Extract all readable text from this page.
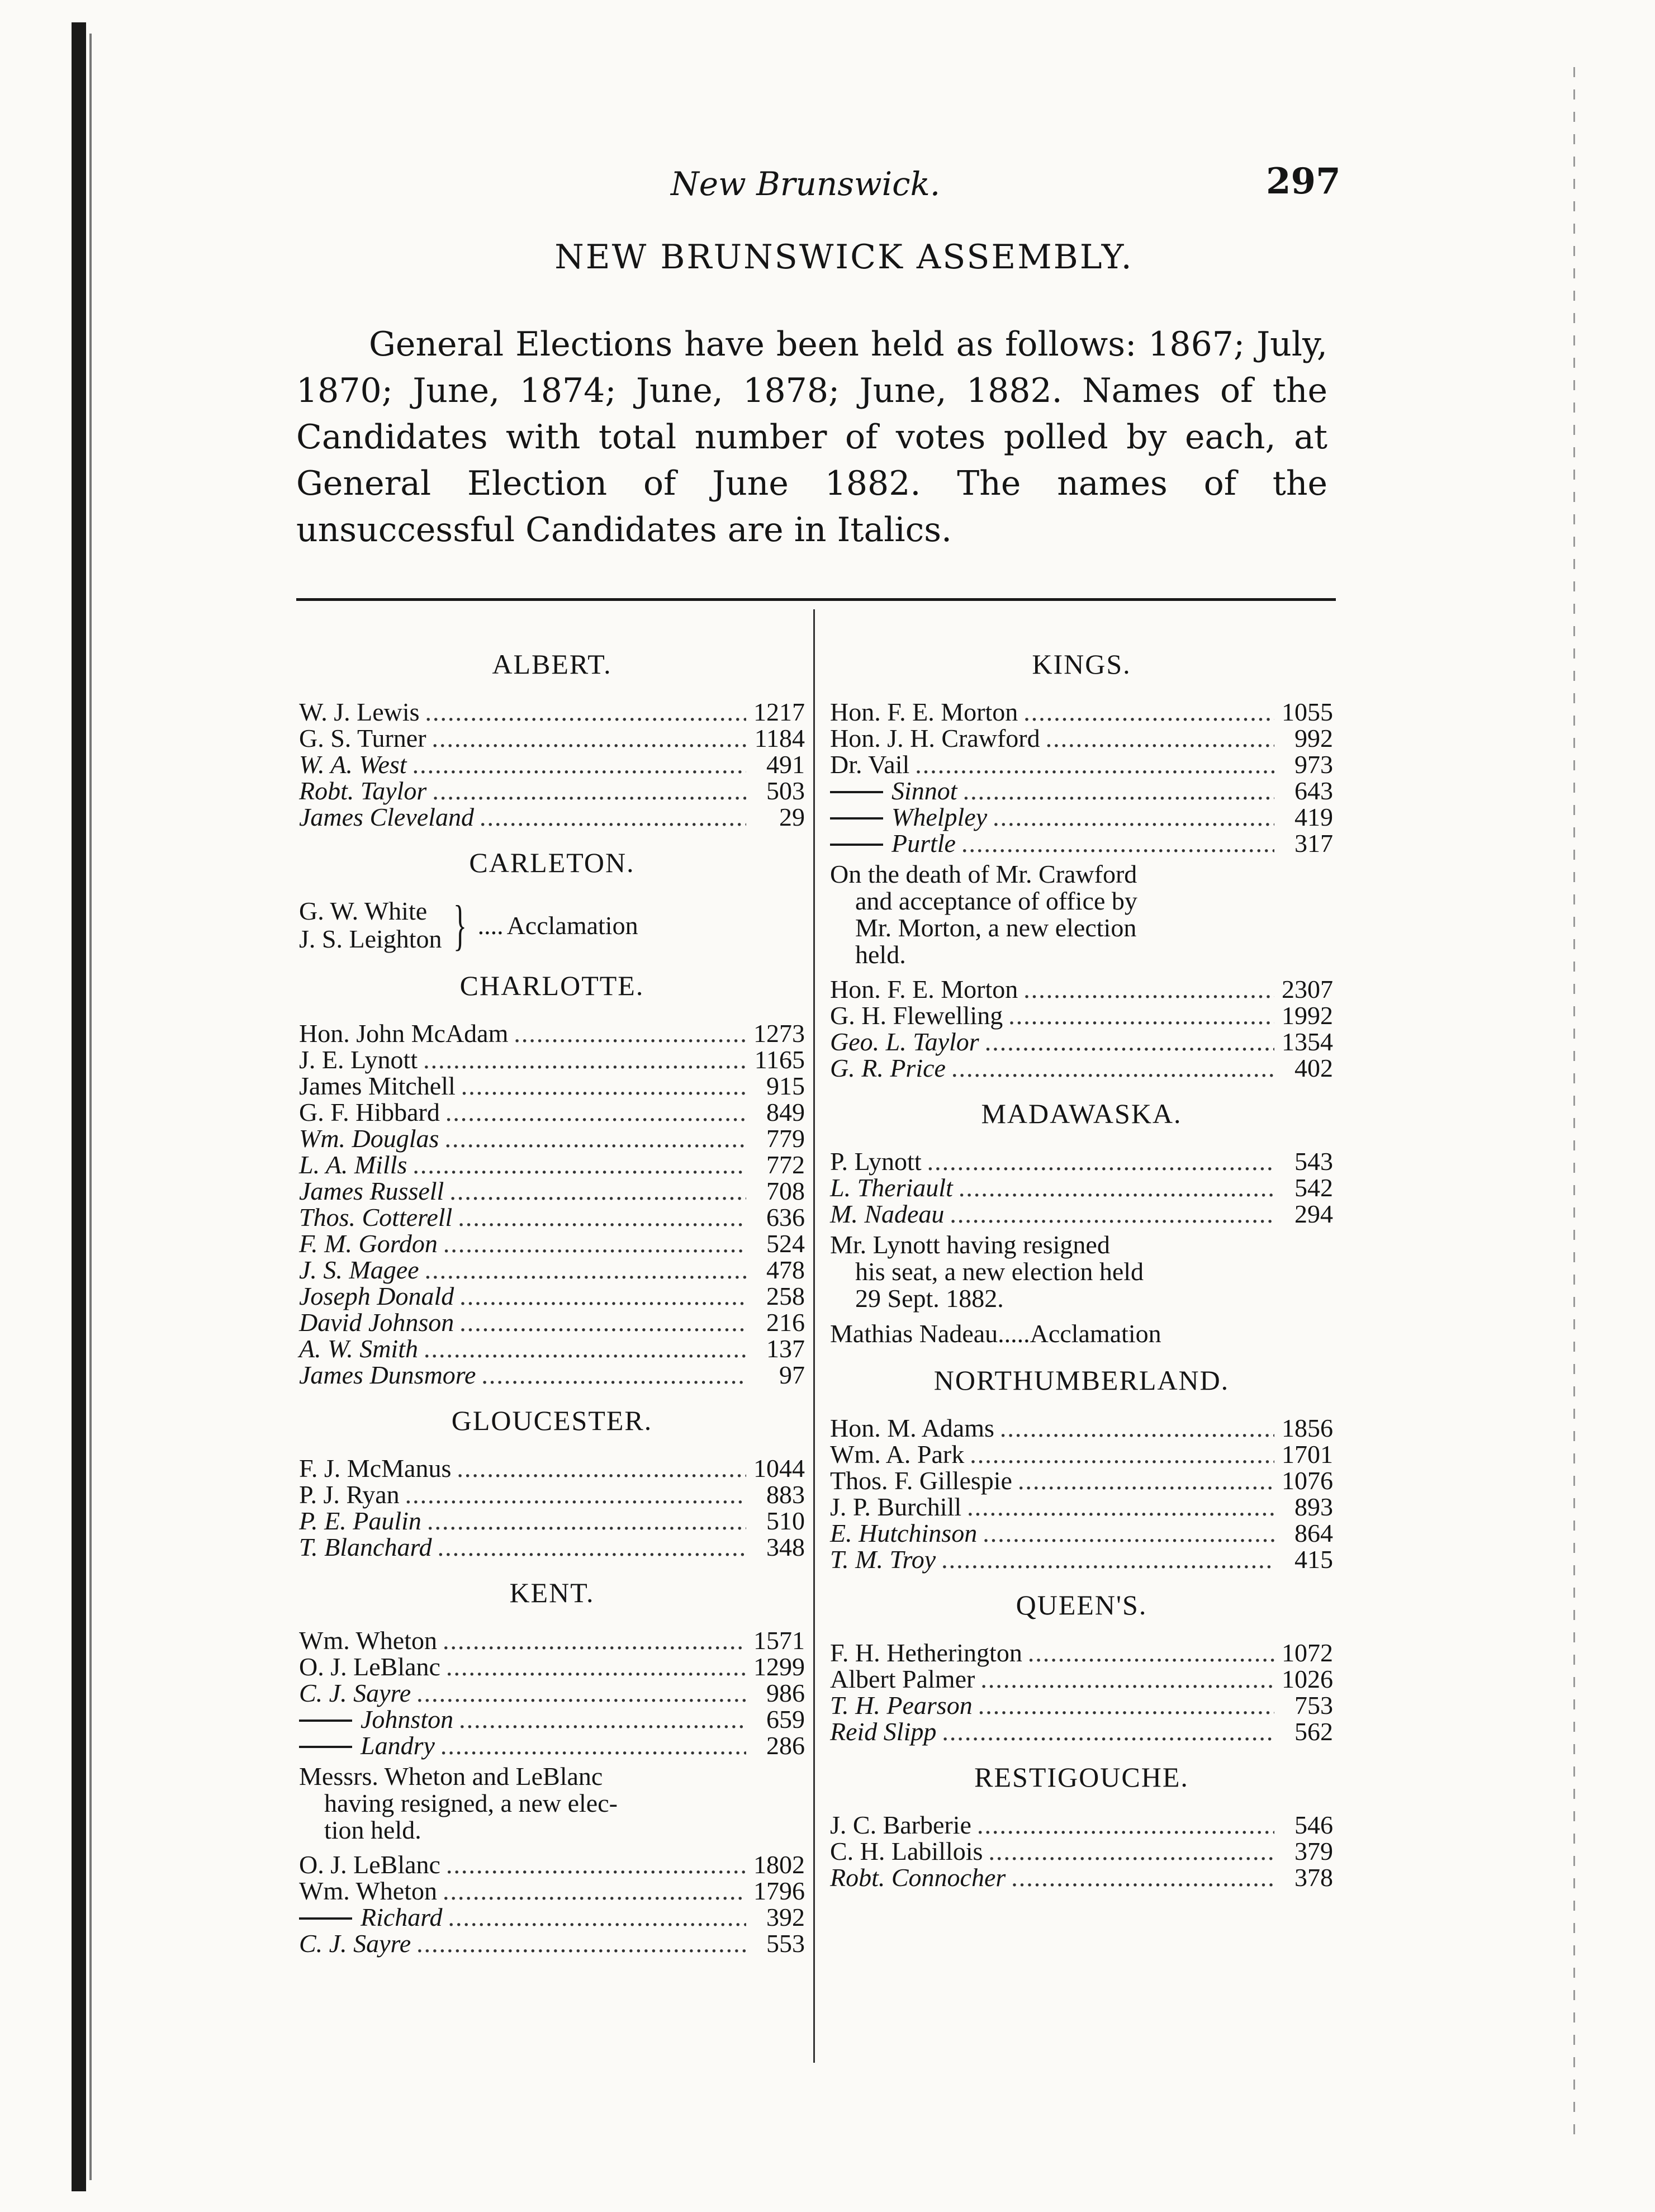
New Brunswick.	297
NEW BRUNSWICK ASSEMBLY.

General Elections have been held as follows: 1867; July, 1870; June, 1874; June, 1878; June, 1882. Names of the Candidates with total number of votes polled by each, at General Election of June 1882. The names of the unsuccessful Candidates are in Italics.

ALBERT.
W. J. Lewis .....	1217
G. S. Turner .....	1184
W. A. West .....	491
Robt. Taylor .....	503
James Cleveland .....	29
CARLETON.
G. W. White
J. S. Leighton } .... Acclamation
CHARLOTTE.
Hon. John McAdam .....	1273
J. E. Lynott .....	1165
James Mitchell .....	915
G. F. Hibbard .....	849
Wm. Douglas .....	779
L. A. Mills .....	772
James Russell .....	708
Thos. Cotterell .....	636
F. M. Gordon .....	524
J. S. Magee .....	478
Joseph Donald .....	258
David Johnson .....	216
A. W. Smith .....	137
James Dunsmore .....	97
GLOUCESTER.
F. J. McManus .....	1044
P. J. Ryan .....	883
P. E. Paulin .....	510
T. Blanchard .....	348
KENT.
Wm. Wheton .....	1571
O. J. LeBlanc .....	1299
C. J. Sayre .....	986
Johnston .....	659
Landry .....	286
Messrs. Wheton and LeBlanc
having resigned, a new elec-
tion held.
O. J. LeBlanc .....	1802
Wm. Wheton .....	1796
Richard .....	392
C. J. Sayre .....	553
KINGS.
Hon. F. E. Morton .....	1055
Hon. J. H. Crawford .....	992
Dr. Vail .....	973
Sinnot .....	643
Whelpley .....	419
Purtle .....	317
On the death of Mr. Crawford
and acceptance of office by
Mr. Morton, a new election
held.
Hon. F. E. Morton .....	2307
G. H. Flewelling .....	1992
Geo. L. Taylor .....	1354
G. R. Price .....	402
MADAWASKA.
P. Lynott .....	543
L. Theriault .....	542
M. Nadeau .....	294
Mr. Lynott having resigned
his seat, a new election held
29 Sept. 1882.
Mathias Nadeau.....Acclamation
NORTHUMBERLAND.
Hon. M. Adams .....	1856
Wm. A. Park .....	1701
Thos. F. Gillespie .....	1076
J. P. Burchill .....	893
E. Hutchinson .....	864
T. M. Troy .....	415
QUEEN'S.
F. H. Hetherington .....	1072
Albert Palmer .....	1026
T. H. Pearson .....	753
Reid Slipp .....	562
RESTIGOUCHE.
J. C. Barberie .....	546
C. H. Labillois .....	379
Robt. Connocher .....	378
